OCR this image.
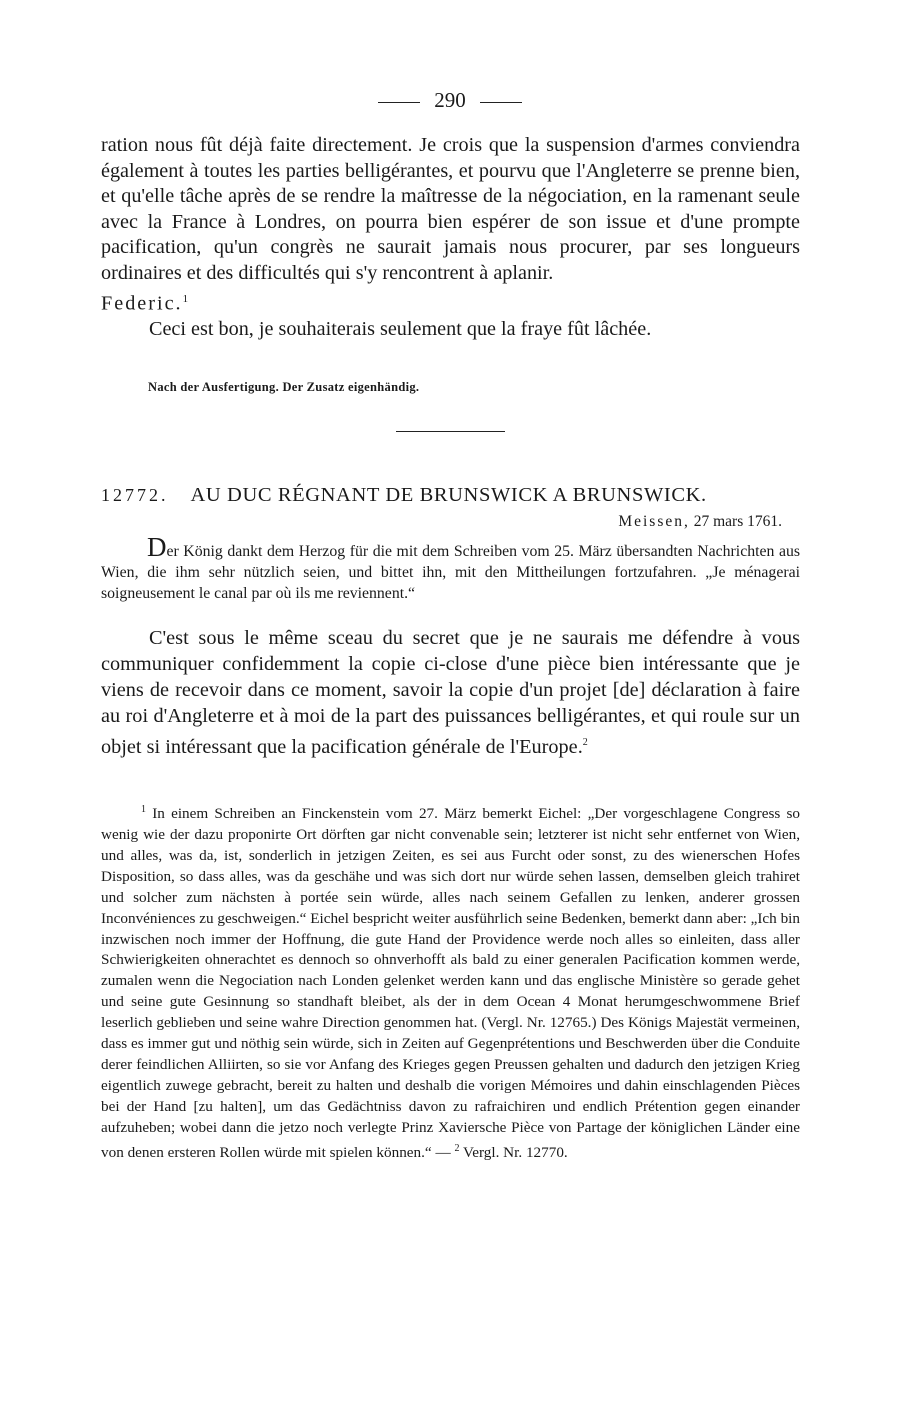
290

ration nous fût déjà faite directement. Je crois que la suspension d'armes conviendra également à toutes les parties belligérantes, et pourvu que l'Angleterre se prenne bien, et qu'elle tâche après de se rendre la maîtresse de la négociation, en la ramenant seule avec la France à Londres, on pourra bien espérer de son issue et d'une prompte pacification, qu'un congrès ne saurait jamais nous procurer, par ses longueurs ordinaires et des difficultés qui s'y rencontrent à aplanir.

Federic.$^1$

Ceci est bon, je souhaiterais seulement que la fraye fût lâchée.

Nach der Ausfertigung. Der Zusatz eigenhändig.
12772. AU DUC RÉGNANT DE BRUNSWICK A BRUNSWICK.
Meissen, 27 mars 1761.
Der König dankt dem Herzog für die mit dem Schreiben vom 25. März übersandten Nachrichten aus Wien, die ihm sehr nützlich seien, und bittet ihn, mit den Mittheilungen fortzufahren. „Je ménagerai soigneusement le canal par où ils me reviennent.“

C'est sous le même sceau du secret que je ne saurais me défendre à vous communiquer confidemment la copie ci-close d'une pièce bien intéressante que je viens de recevoir dans ce moment, savoir la copie d'un projet [de] déclaration à faire au roi d'Angleterre et à moi de la part des puissances belligérantes, et qui roule sur un objet si intéressant que la pacification générale de l'Europe.$^2$

$^1$ In einem Schreiben an Finckenstein vom 27. März bemerkt Eichel: „Der vorgeschlagene Congress so wenig wie der dazu proponirte Ort dörften gar nicht convenable sein; letzterer ist nicht sehr entfernet von Wien, und alles, was da, ist, sonderlich in jetzigen Zeiten, es sei aus Furcht oder sonst, zu des wienerschen Hofes Disposition, so dass alles, was da geschähe und was sich dort nur würde sehen lassen, demselben gleich trahiret und solcher zum nächsten à portée sein würde, alles nach seinem Gefallen zu lenken, anderer grossen Inconvéniences zu geschweigen.“ Eichel bespricht weiter ausführlich seine Bedenken, bemerkt dann aber: „Ich bin inzwischen noch immer der Hoffnung, die gute Hand der Providence werde noch alles so einleiten, dass aller Schwierigkeiten ohnerachtet es dennoch so ohnverhofft als bald zu einer generalen Pacification kommen werde, zumalen wenn die Negociation nach Londen gelenket werden kann und das englische Ministère so gerade gehet und seine gute Gesinnung so standhaft bleibet, als der in dem Ocean 4 Monat herumgeschwommene Brief leserlich geblieben und seine wahre Direction genommen hat. (Vergl. Nr. 12765.) Des Königs Majestät vermeinen, dass es immer gut und nöthig sein würde, sich in Zeiten auf Gegenprétentions und Beschwerden über die Conduite derer feindlichen Alliirten, so sie vor Anfang des Krieges gegen Preussen gehalten und dadurch den jetzigen Krieg eigentlich zuwege gebracht, bereit zu halten und deshalb die vorigen Mémoires und dahin einschlagenden Pièces bei der Hand [zu halten], um das Gedächtniss davon zu rafraichiren und endlich Prétention gegen einander aufzuheben; wobei dann die jetzo noch verlegte Prinz Xaviersche Pièce von Partage der königlichen Länder eine von denen ersteren Rollen würde mit spielen können.“ — $^2$ Vergl. Nr. 12770.
